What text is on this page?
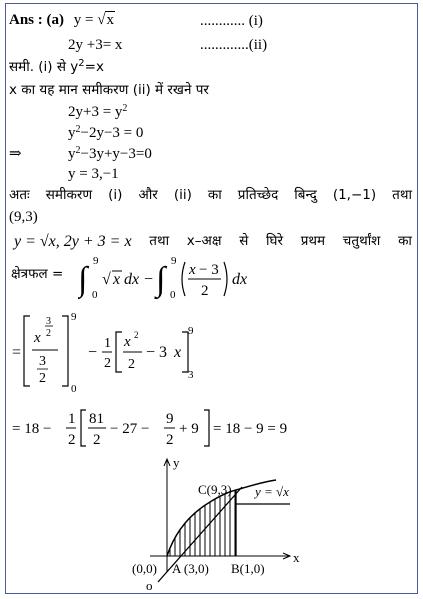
Ans : (a) y = √x	............ (i)
2y +3= x	.............(ii)
समी. (i) से $y^2=x$
x का यह मान समीकरण (ii) में रखने पर
$2y+3 = y^2$
$y^2-2y-3 = 0$
⇒	$y^2-3y+y-3=0$
y = 3,−1
अतः समीकरण (i) और (ii) का प्रतिच्छेद बिन्दु (1,−1) तथा
(9,3)
y = √x, 2y + 3 = x तथा x–अक्ष से घिरे प्रथम चतुर्थांश का
क्षेत्रफल = ∫ 9
0
√ x dx − ∫ 9
0
x − 3
2
dx
=
x
3
2
3
2
9
0
−
1
2
x 2
2
− 3 x
9
3
= 18 −
1
2
81
2
− 27 −
9
2
+ 9 = 18 − 9 = 9
y
x
C(9,3) y = √x
(0,0) A (3,0) B(1,0)
o
